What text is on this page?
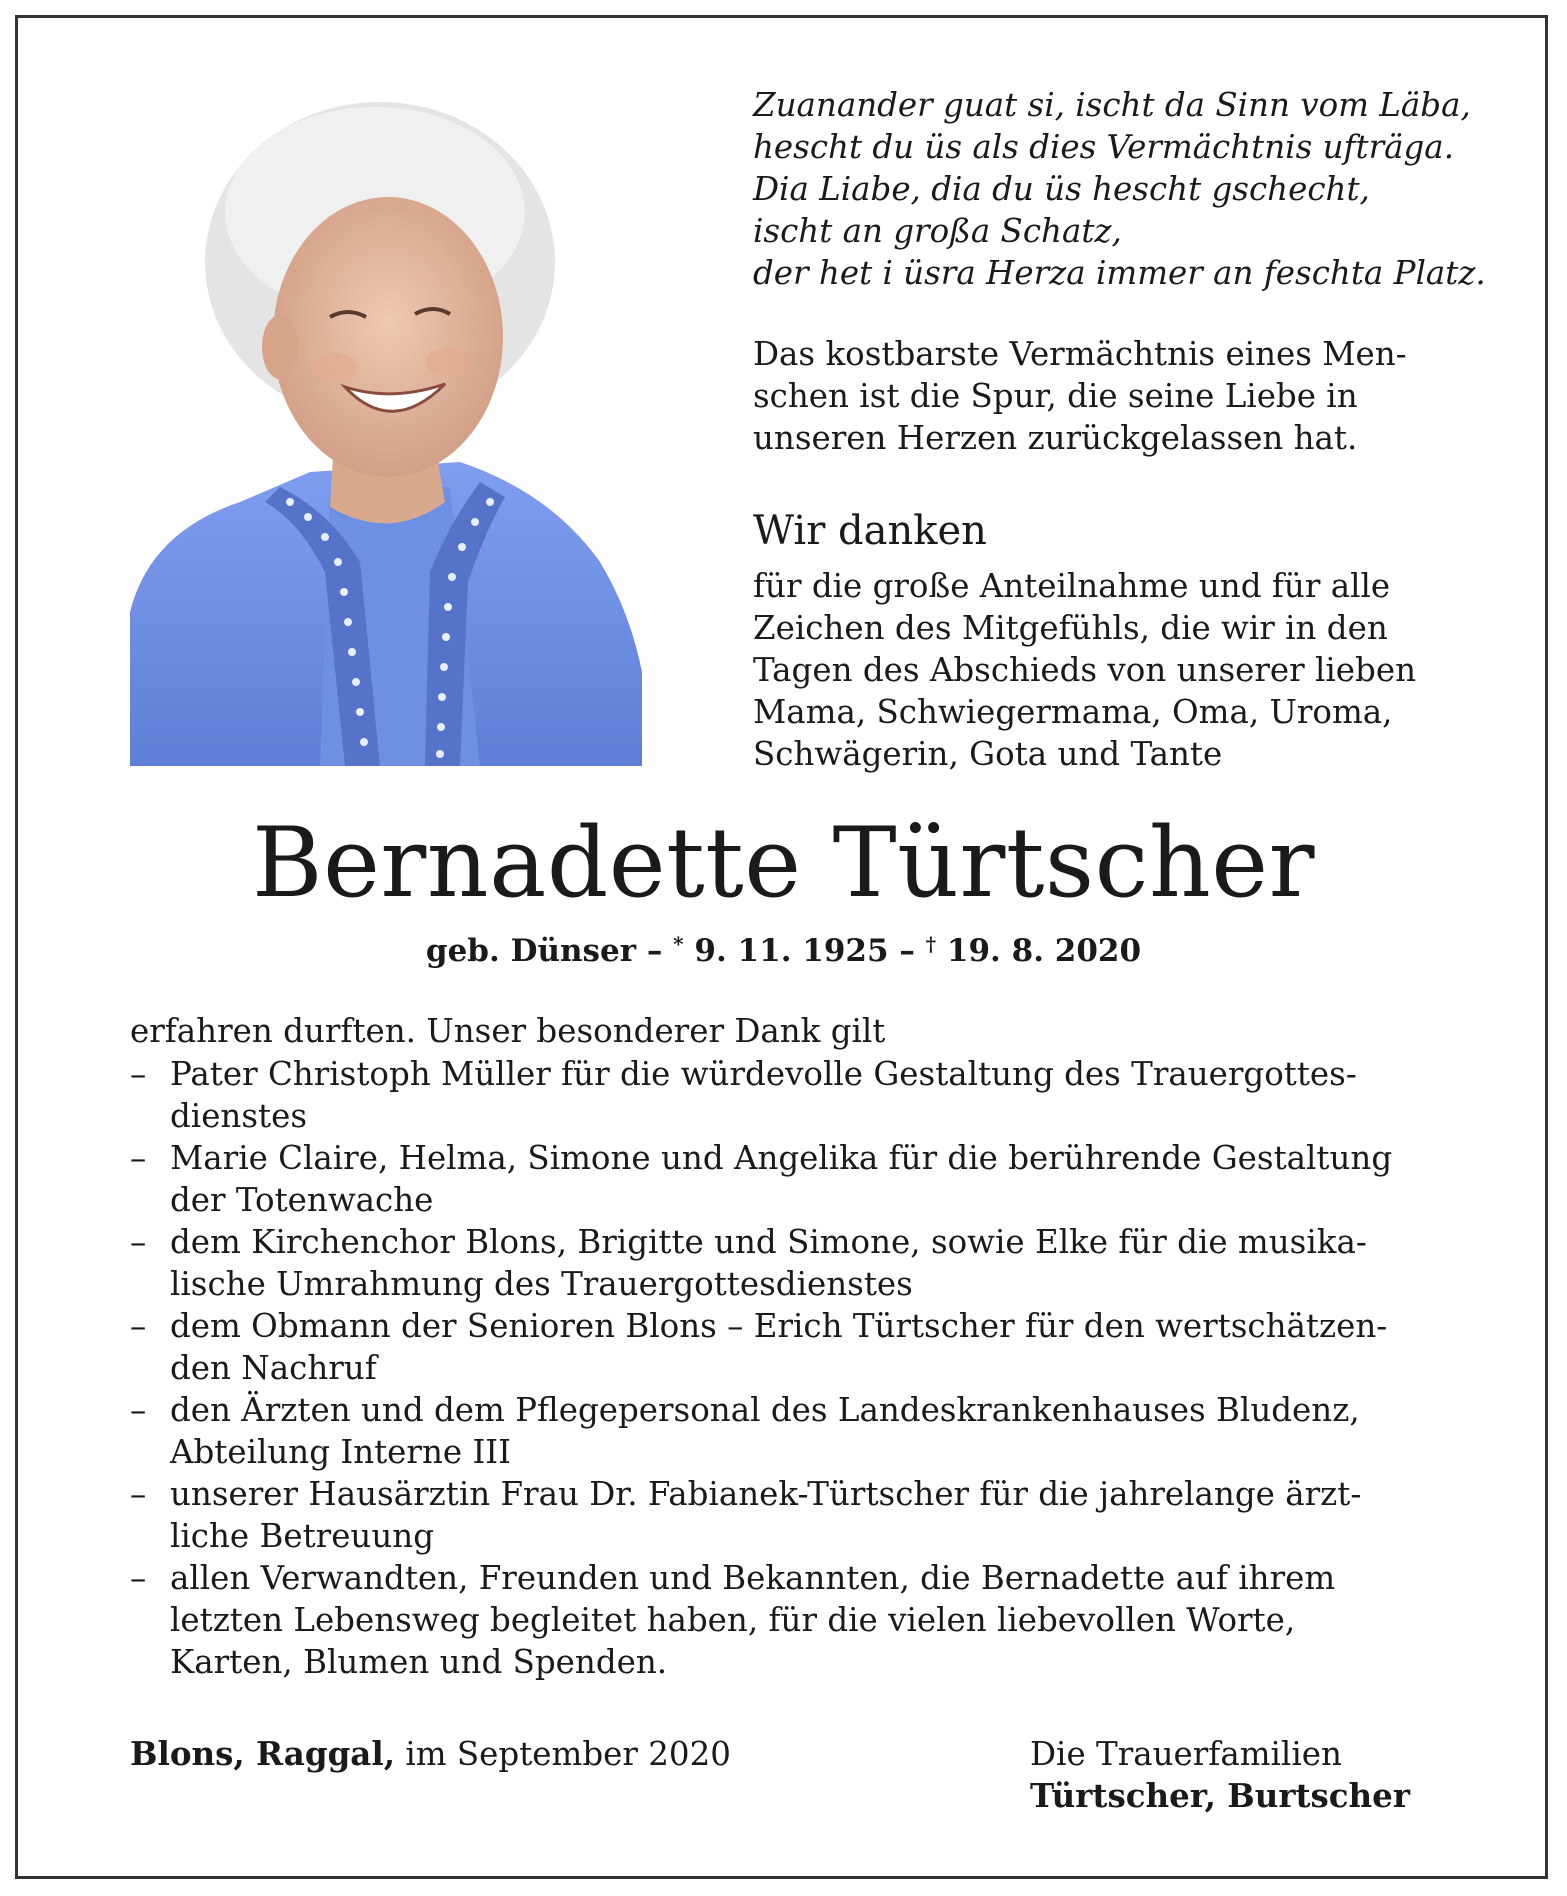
Zuanander guat si, ischt da Sinn vom Läba,
hescht du üs als dies Vermächtnis ufträga.
Dia Liabe, dia du üs hescht gschecht,
ischt an großa Schatz,
der het i üsra Herza immer an feschta Platz.
Das kostbarste Vermächtnis eines Men-
schen ist die Spur, die seine Liebe in
unseren Herzen zurückgelassen hat.
Wir danken
für die große Anteilnahme und für alle
Zeichen des Mitgefühls, die wir in den
Tagen des Abschieds von unserer lieben
Mama, Schwiegermama, Oma, Uroma,
Schwägerin, Gota und Tante
Bernadette Türtscher
geb. Dünser – * 9. 11. 1925 – † 19. 8. 2020
erfahren durften. Unser besonderer Dank gilt
– Pater Christoph Müller für die würdevolle Gestaltung des Trauergottes-
dienstes
– Marie Claire, Helma, Simone und Angelika für die berührende Gestaltung
der Totenwache
– dem Kirchenchor Blons, Brigitte und Simone, sowie Elke für die musika-
lische Umrahmung des Trauergottesdienstes
– dem Obmann der Senioren Blons – Erich Türtscher für den wertschätzen-
den Nachruf
– den Ärzten und dem Pflegepersonal des Landeskrankenhauses Bludenz,
Abteilung Interne III
– unserer Hausärztin Frau Dr. Fabianek-Türtscher für die jahrelange ärzt-
liche Betreuung
– allen Verwandten, Freunden und Bekannten, die Bernadette auf ihrem
letzten Lebensweg begleitet haben, für die vielen liebevollen Worte,
Karten, Blumen und Spenden.
Blons, Raggal, im September 2020	Die Trauerfamilien
Türtscher, Burtscher
